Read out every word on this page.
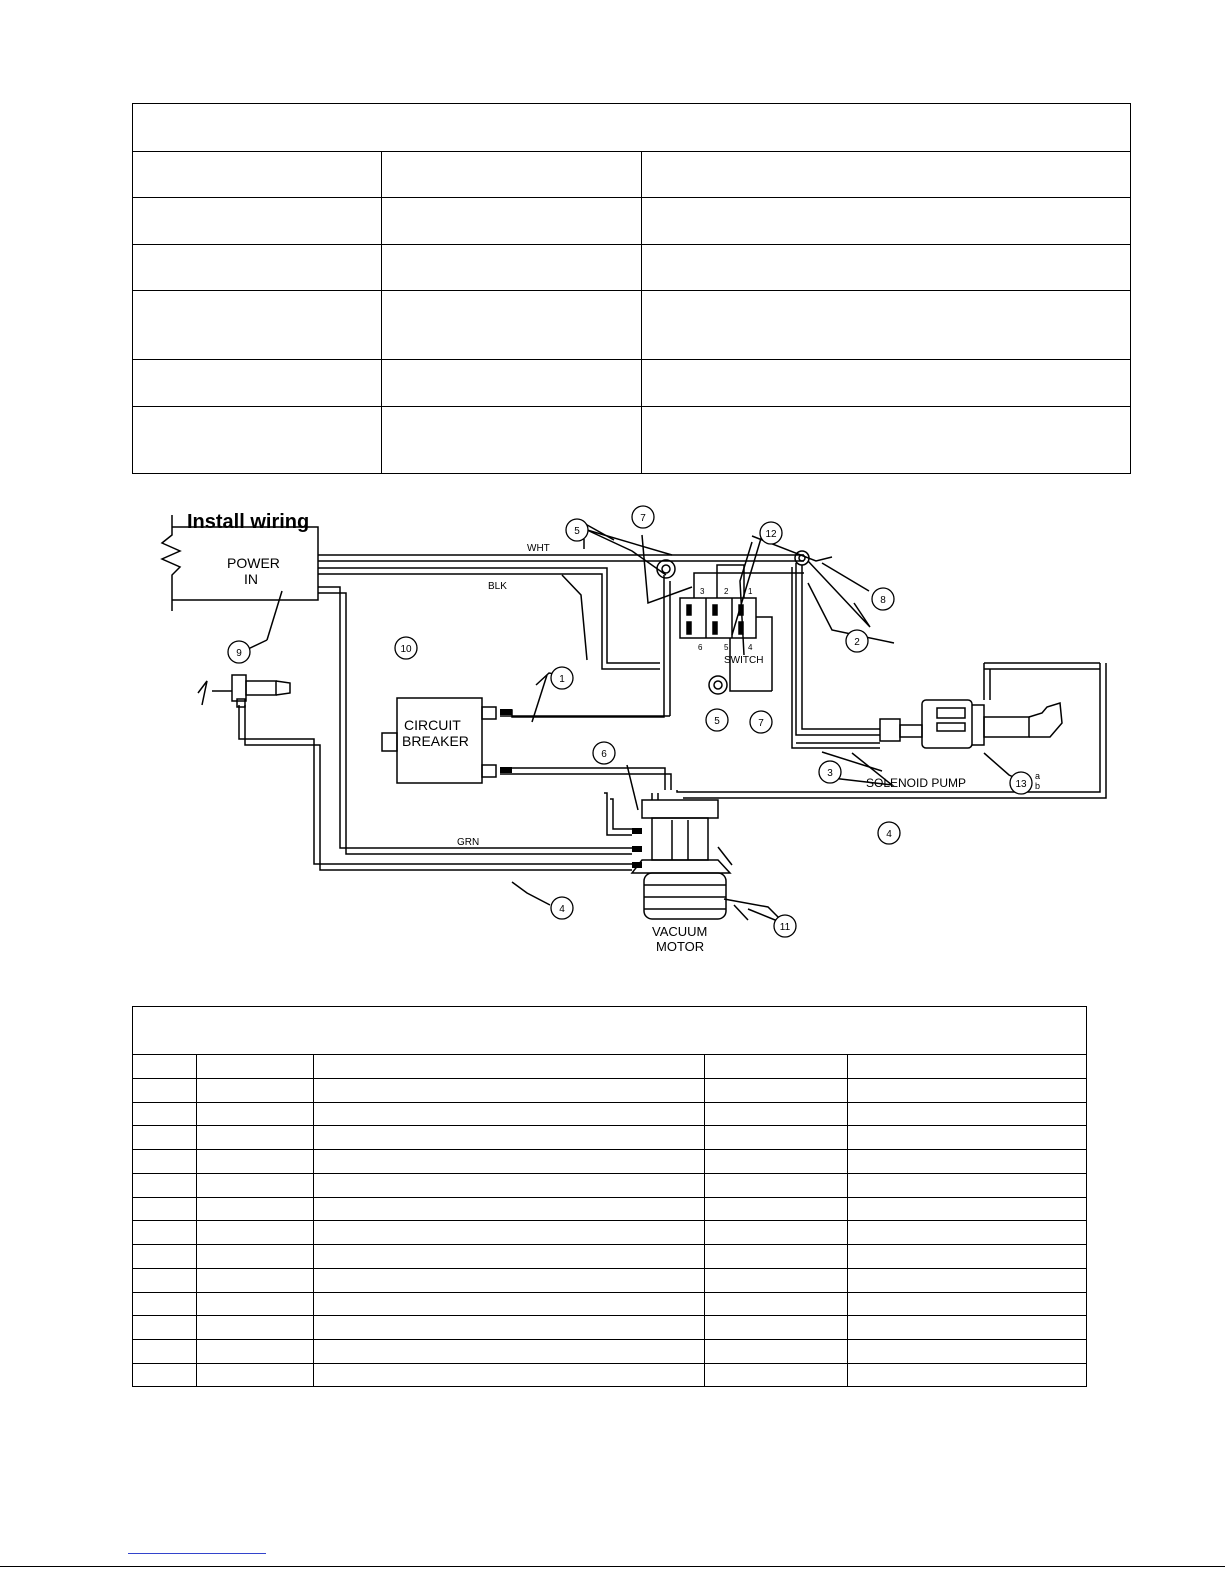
Install wiring
POWER
IN
WHT
BLK
GRN
CIRCUIT
BREAKER
SWITCH
SOLENOID PUMP
VACUUM
MOTOR
3 2 1
6	5 4
1
2
3
4
4
5
5
6
7
7
8
9	10
11
12
13
a
b
